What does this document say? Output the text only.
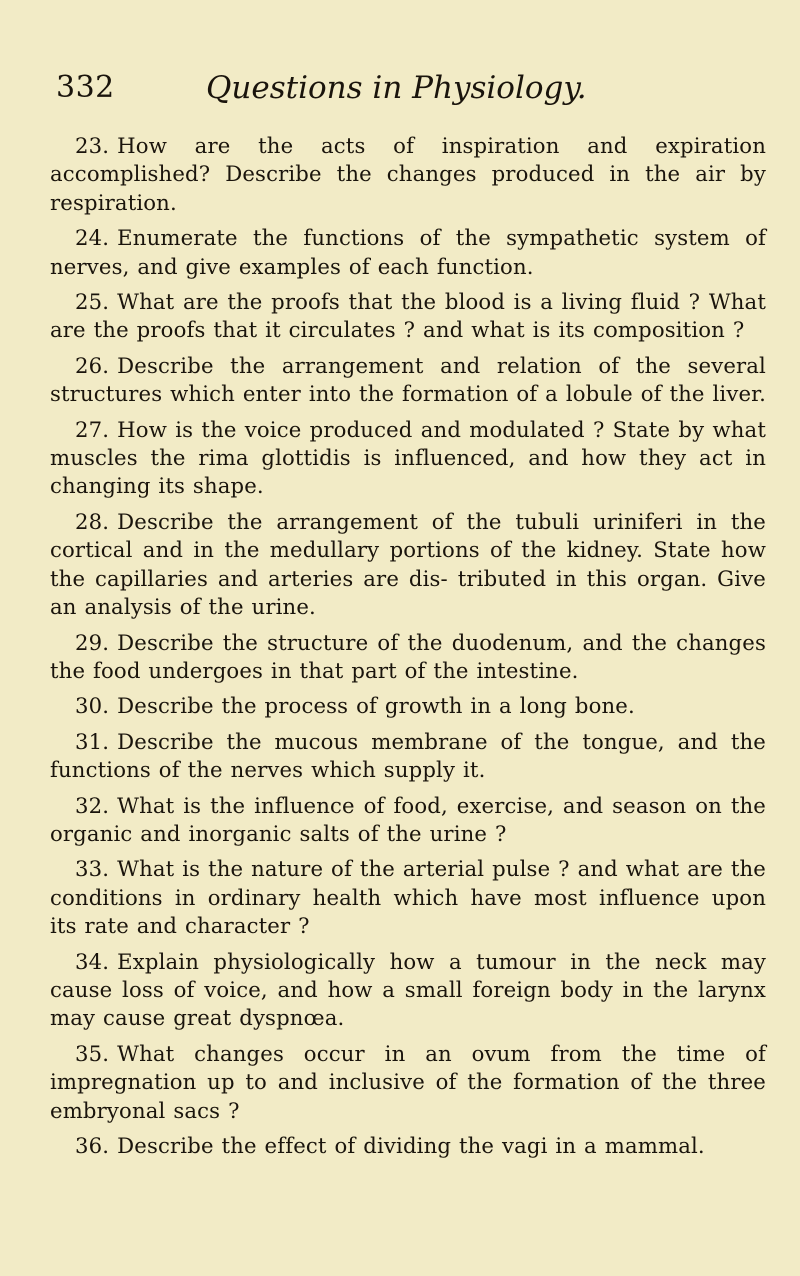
332	Questions in Physiology.

23. How are the acts of inspiration and expiration accomplished? Describe the changes produced in the air by respiration.

24. Enumerate the functions of the sympathetic system of nerves, and give examples of each function.

25. What are the proofs that the blood is a living fluid ? What are the proofs that it circulates ? and what is its composition ?

26. Describe the arrangement and relation of the several structures which enter into the formation of a lobule of the liver.

27. How is the voice produced and modulated ? State by what muscles the rima glottidis is influenced, and how they act in changing its shape.

28. Describe the arrangement of the tubuli uriniferi in the cortical and in the medullary portions of the kidney. State how the capillaries and arteries are dis- tributed in this organ. Give an analysis of the urine.

29. Describe the structure of the duodenum, and the changes the food undergoes in that part of the intestine.

30. Describe the process of growth in a long bone.

31. Describe the mucous membrane of the tongue, and the functions of the nerves which supply it.

32. What is the influence of food, exercise, and season on the organic and inorganic salts of the urine ?

33. What is the nature of the arterial pulse ? and what are the conditions in ordinary health which have most influence upon its rate and character ?

34. Explain physiologically how a tumour in the neck may cause loss of voice, and how a small foreign body in the larynx may cause great dyspnœa.

35. What changes occur in an ovum from the time of impregnation up to and inclusive of the formation of the three embryonal sacs ?

36. Describe the effect of dividing the vagi in a mammal.
